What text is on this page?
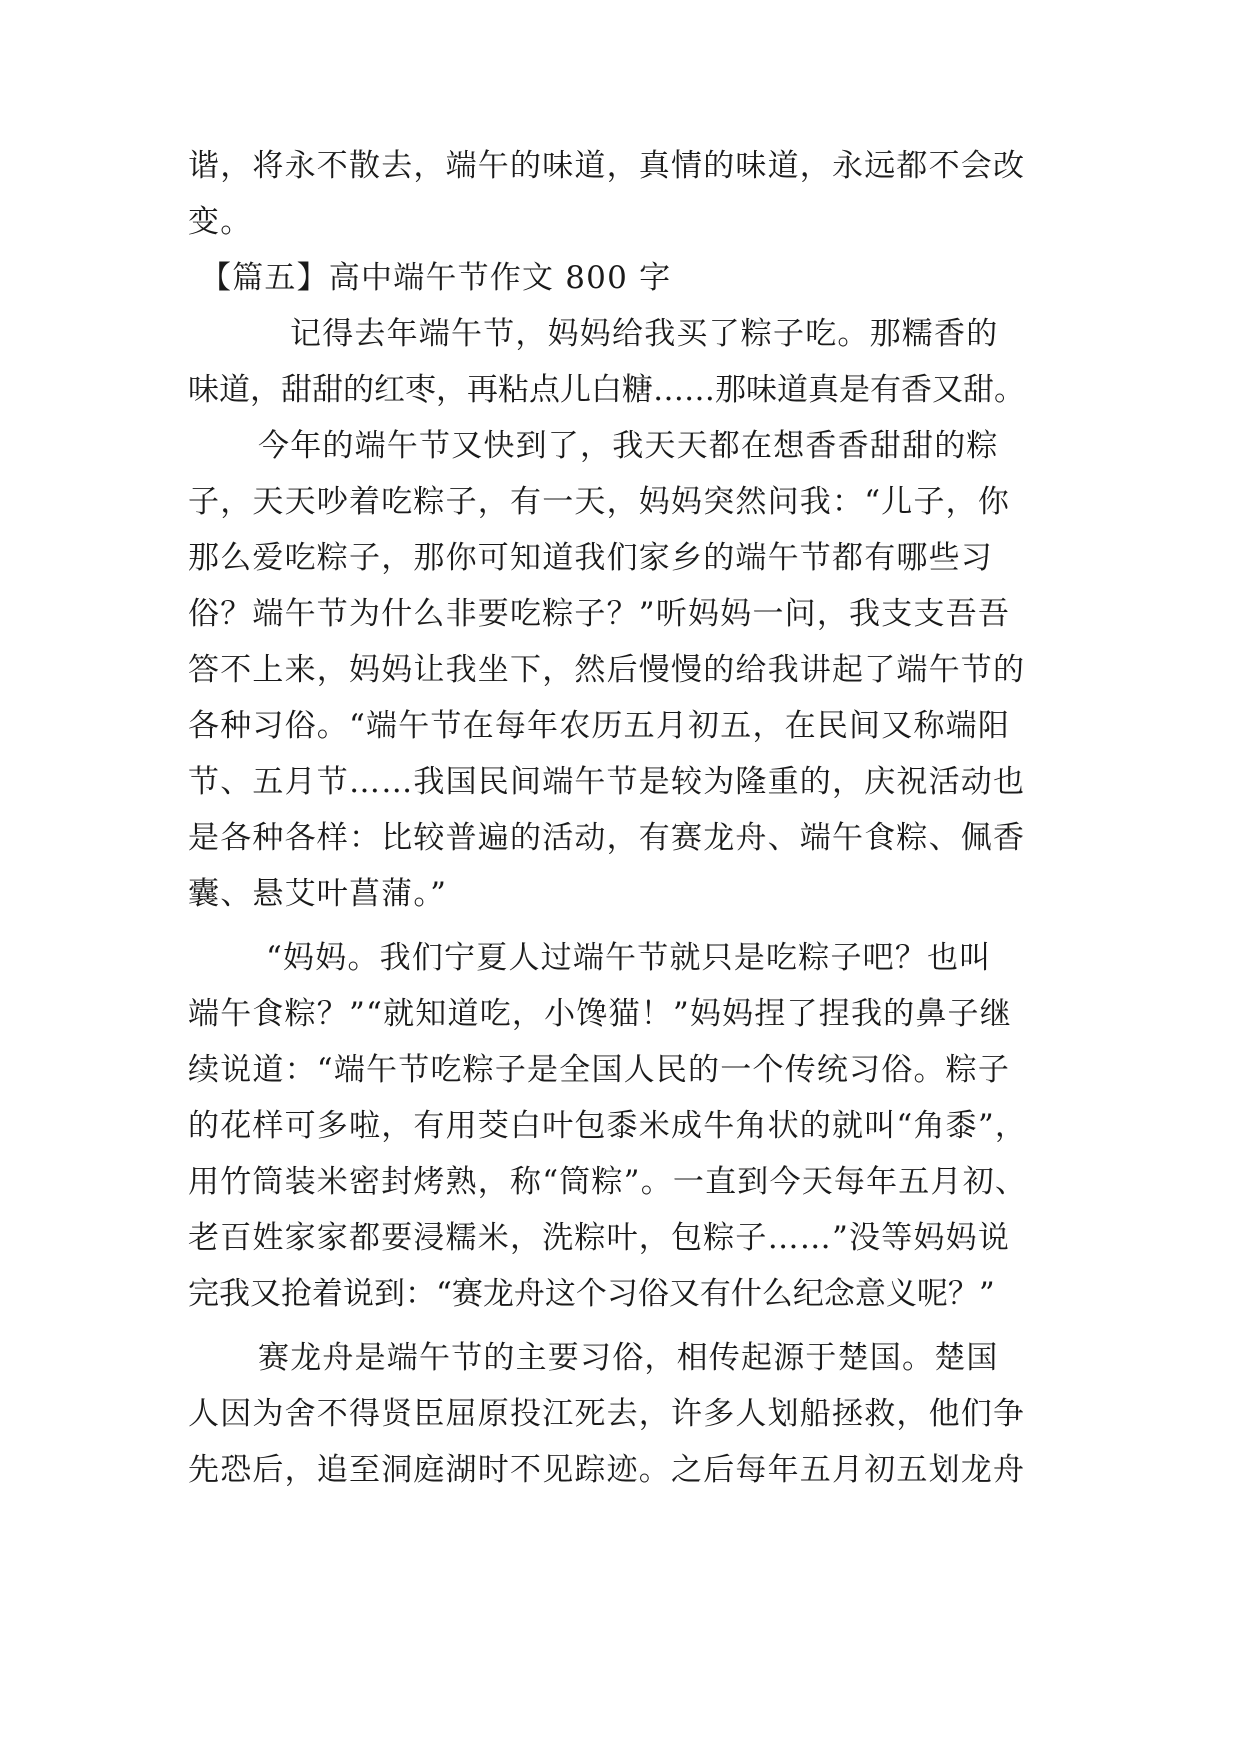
谐，将永不散去，端午的味道，真情的味道，永远都不会改
变。
【篇五】高中端午节作文 800 字
记得去年端午节，妈妈给我买了粽子吃。那糯香的
味道，甜甜的红枣，再粘点儿白糖……那味道真是有香又甜。
今年的端午节又快到了，我天天都在想香香甜甜的粽
子，天天吵着吃粽子，有一天，妈妈突然问我：“儿子，你
那么爱吃粽子，那你可知道我们家乡的端午节都有哪些习
俗？端午节为什么非要吃粽子？”听妈妈一问，我支支吾吾
答不上来，妈妈让我坐下，然后慢慢的给我讲起了端午节的
各种习俗。“端午节在每年农历五月初五，在民间又称端阳
节、五月节……我国民间端午节是较为隆重的，庆祝活动也
是各种各样：比较普遍的活动，有赛龙舟、端午食粽、佩香
囊、悬艾叶菖蒲。”
“妈妈。我们宁夏人过端午节就只是吃粽子吧？也叫
端午食粽？”“就知道吃，小馋猫！”妈妈捏了捏我的鼻子继
续说道：“端午节吃粽子是全国人民的一个传统习俗。粽子
的花样可多啦，有用茭白叶包黍米成牛角状的就叫“角黍”，
用竹筒装米密封烤熟，称“筒粽”。一直到今天每年五月初、
老百姓家家都要浸糯米，洗粽叶，包粽子……”没等妈妈说
完我又抢着说到：“赛龙舟这个习俗又有什么纪念意义呢？”
赛龙舟是端午节的主要习俗，相传起源于楚国。楚国
人因为舍不得贤臣屈原投江死去，许多人划船拯救，他们争
先恐后，追至洞庭湖时不见踪迹。之后每年五月初五划龙舟
